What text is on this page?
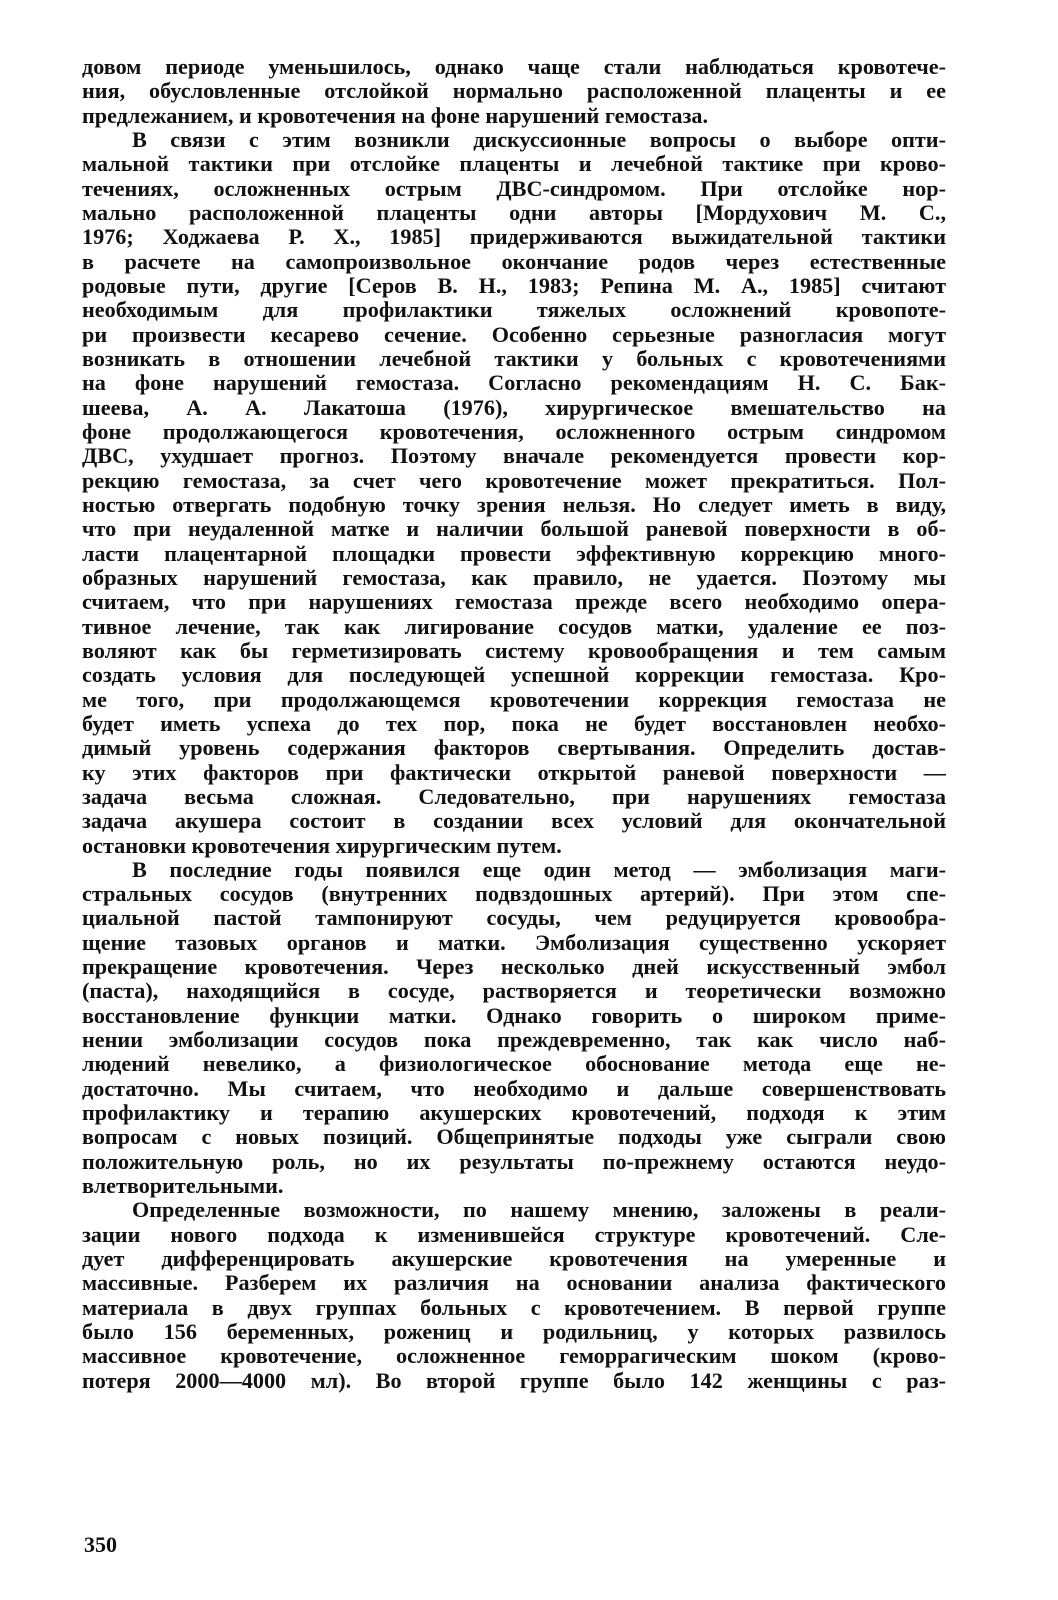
довом периоде уменьшилось, однако чаще стали наблюдаться кровотече-
ния, обусловленные отслойкой нормально расположенной плаценты и ее
предлежанием, и кровотечения на фоне нарушений гемостаза.
В связи с этим возникли дискуссионные вопросы о выборе опти-
мальной тактики при отслойке плаценты и лечебной тактике при крово-
течениях, осложненных острым ДВС-синдромом. При отслойке нор-
мально расположенной плаценты одни авторы [Мордухович М. С.,
1976; Ходжаева Р. Х., 1985] придерживаются выжидательной тактики
в расчете на самопроизвольное окончание родов через естественные
родовые пути, другие [Серов В. Н., 1983; Репина М. А., 1985] считают
необходимым для профилактики тяжелых осложнений кровопоте-
ри произвести кесарево сечение. Особенно серьезные разногласия могут
возникать в отношении лечебной тактики у больных с кровотечениями
на фоне нарушений гемостаза. Согласно рекомендациям Н. С. Бак-
шеева, А. А. Лакатоша (1976), хирургическое вмешательство на
фоне продолжающегося кровотечения, осложненного острым синдромом
ДВС, ухудшает прогноз. Поэтому вначале рекомендуется провести кор-
рекцию гемостаза, за счет чего кровотечение может прекратиться. Пол-
ностью отвергать подобную точку зрения нельзя. Но следует иметь в виду,
что при неудаленной матке и наличии большой раневой поверхности в об-
ласти плацентарной площадки провести эффективную коррекцию много-
образных нарушений гемостаза, как правило, не удается. Поэтому мы
считаем, что при нарушениях гемостаза прежде всего необходимо опера-
тивное лечение, так как лигирование сосудов матки, удаление ее поз-
воляют как бы герметизировать систему кровообращения и тем самым
создать условия для последующей успешной коррекции гемостаза. Кро-
ме того, при продолжающемся кровотечении коррекция гемостаза не
будет иметь успеха до тех пор, пока не будет восстановлен необхо-
димый уровень содержания факторов свертывания. Определить достав-
ку этих факторов при фактически открытой раневой поверхности —
задача весьма сложная. Следовательно, при нарушениях гемостаза
задача акушера состоит в создании всех условий для окончательной
остановки кровотечения хирургическим путем.
В последние годы появился еще один метод — эмболизация маги-
стральных сосудов (внутренних подвздошных артерий). При этом спе-
циальной пастой тампонируют сосуды, чем редуцируется кровообра-
щение тазовых органов и матки. Эмболизация существенно ускоряет
прекращение кровотечения. Через несколько дней искусственный эмбол
(паста), находящийся в сосуде, растворяется и теоретически возможно
восстановление функции матки. Однако говорить о широком приме-
нении эмболизации сосудов пока преждевременно, так как число наб-
людений невелико, а физиологическое обоснование метода еще не-
достаточно. Мы считаем, что необходимо и дальше совершенствовать
профилактику и терапию акушерских кровотечений, подходя к этим
вопросам с новых позиций. Общепринятые подходы уже сыграли свою
положительную роль, но их результаты по-прежнему остаются неудо-
влетворительными.
Определенные возможности, по нашему мнению, заложены в реали-
зации нового подхода к изменившейся структуре кровотечений. Сле-
дует дифференцировать акушерские кровотечения на умеренные и
массивные. Разберем их различия на основании анализа фактического
материала в двух группах больных с кровотечением. В первой группе
было 156 беременных, рожениц и родильниц, у которых развилось
массивное кровотечение, осложненное геморрагическим шоком (крово-
потеря 2000—4000 мл). Во второй группе было 142 женщины с раз-
350
